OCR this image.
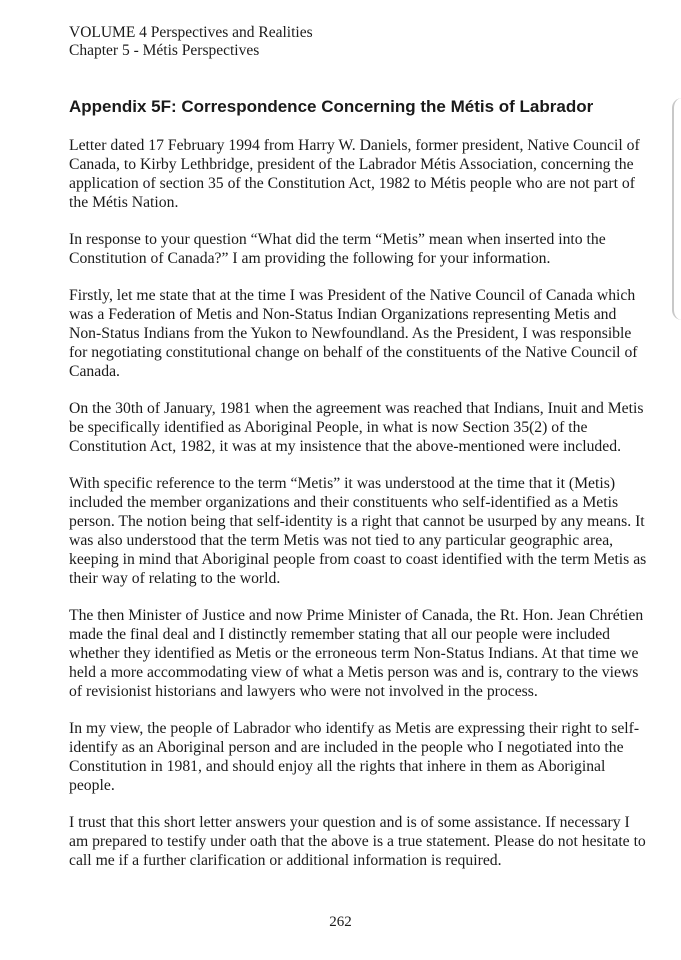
VOLUME 4 Perspectives and Realities
Chapter 5 - Métis Perspectives
Appendix 5F: Correspondence Concerning the Métis of Labrador

Letter dated 17 February 1994 from Harry W. Daniels, former president, Native Council of Canada, to Kirby Lethbridge, president of the Labrador Métis Association, concerning the application of section 35 of the Constitution Act, 1982 to Métis people who are not part of the Métis Nation.

In response to your question “What did the term “Metis” mean when inserted into the Constitution of Canada?” I am providing the following for your information.

Firstly, let me state that at the time I was President of the Native Council of Canada which was a Federation of Metis and Non-Status Indian Organizations representing Metis and Non-Status Indians from the Yukon to Newfoundland. As the President, I was responsible for negotiating constitutional change on behalf of the constituents of the Native Council of Canada.

On the 30th of January, 1981 when the agreement was reached that Indians, Inuit and Metis be specifically identified as Aboriginal People, in what is now Section 35(2) of the Constitution Act, 1982, it was at my insistence that the above-mentioned were included.

With specific reference to the term “Metis” it was understood at the time that it (Metis) included the member organizations and their constituents who self-identified as a Metis person. The notion being that self-identity is a right that cannot be usurped by any means. It was also understood that the term Metis was not tied to any particular geographic area, keeping in mind that Aboriginal people from coast to coast identified with the term Metis as their way of relating to the world.

The then Minister of Justice and now Prime Minister of Canada, the Rt. Hon. Jean Chrétien made the final deal and I distinctly remember stating that all our people were included whether they identified as Metis or the erroneous term Non-Status Indians. At that time we held a more accommodating view of what a Metis person was and is, contrary to the views of revisionist historians and lawyers who were not involved in the process.

In my view, the people of Labrador who identify as Metis are expressing their right to self-identify as an Aboriginal person and are included in the people who I negotiated into the Constitution in 1981, and should enjoy all the rights that inhere in them as Aboriginal people.

I trust that this short letter answers your question and is of some assistance. If necessary I am prepared to testify under oath that the above is a true statement. Please do not hesitate to call me if a further clarification or additional information is required.

262
